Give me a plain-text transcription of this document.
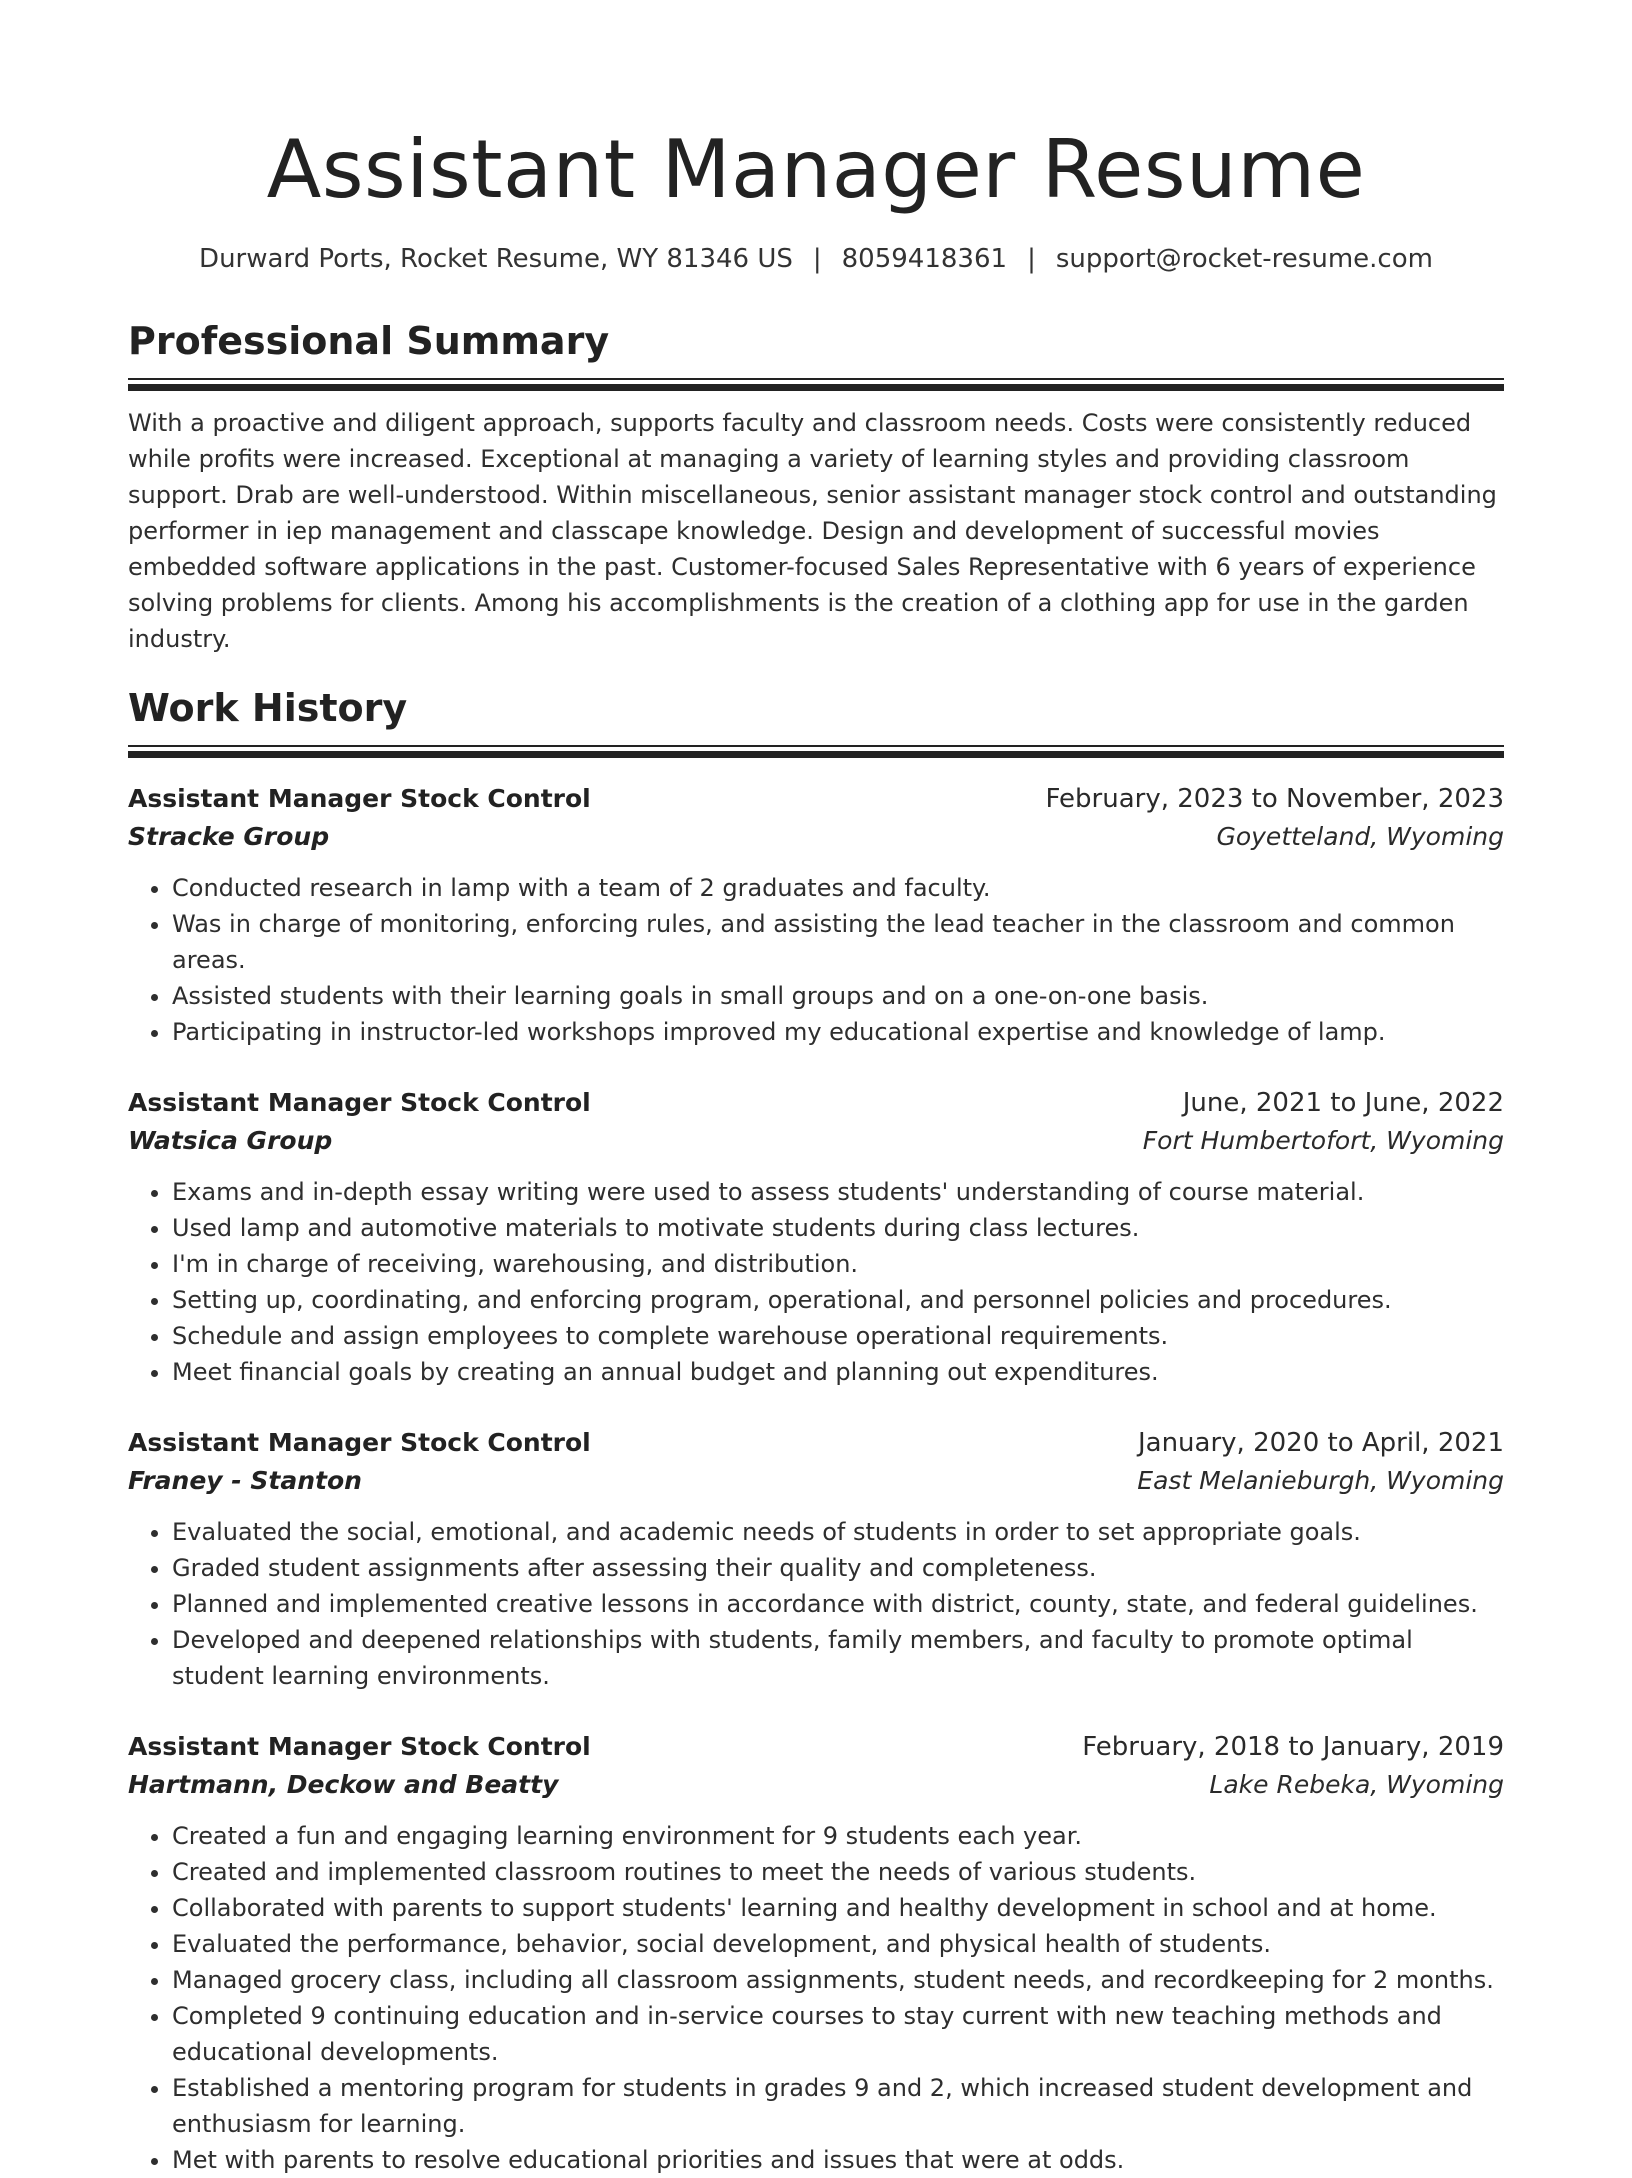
Assistant Manager Resume
Durward Ports, Rocket Resume, WY 81346 US | 8059418361 | support@rocket-resume.com
Professional Summary

With a proactive and diligent approach, supports faculty and classroom needs. Costs were consistently reduced while profits were increased. Exceptional at managing a variety of learning styles and providing classroom support. Drab are well-understood. Within miscellaneous, senior assistant manager stock control and outstanding performer in iep management and classcape knowledge. Design and development of successful movies embedded software applications in the past. Customer-focused Sales Representative with 6 years of experience solving problems for clients. Among his accomplishments is the creation of a clothing app for use in the garden industry.

Work History
Assistant Manager Stock Control	February, 2023 to November, 2023
Stracke Group	Goyetteland, Wyoming
• Conducted research in lamp with a team of 2 graduates and faculty.
• Was in charge of monitoring, enforcing rules, and assisting the lead teacher in the classroom and common areas.
• Assisted students with their learning goals in small groups and on a one-on-one basis.
• Participating in instructor-led workshops improved my educational expertise and knowledge of lamp.
Assistant Manager Stock Control	June, 2021 to June, 2022
Watsica Group	Fort Humbertofort, Wyoming
• Exams and in-depth essay writing were used to assess students' understanding of course material.
• Used lamp and automotive materials to motivate students during class lectures.
• I'm in charge of receiving, warehousing, and distribution.
• Setting up, coordinating, and enforcing program, operational, and personnel policies and procedures.
• Schedule and assign employees to complete warehouse operational requirements.
• Meet financial goals by creating an annual budget and planning out expenditures.
Assistant Manager Stock Control	January, 2020 to April, 2021
Franey - Stanton	East Melanieburgh, Wyoming
• Evaluated the social, emotional, and academic needs of students in order to set appropriate goals.
• Graded student assignments after assessing their quality and completeness.
• Planned and implemented creative lessons in accordance with district, county, state, and federal guidelines.
• Developed and deepened relationships with students, family members, and faculty to promote optimal student learning environments.
Assistant Manager Stock Control	February, 2018 to January, 2019
Hartmann, Deckow and Beatty	Lake Rebeka, Wyoming
• Created a fun and engaging learning environment for 9 students each year.
• Created and implemented classroom routines to meet the needs of various students.
• Collaborated with parents to support students' learning and healthy development in school and at home.
• Evaluated the performance, behavior, social development, and physical health of students.
• Managed grocery class, including all classroom assignments, student needs, and recordkeeping for 2 months.
• Completed 9 continuing education and in-service courses to stay current with new teaching methods and educational developments.
• Established a mentoring program for students in grades 9 and 2, which increased student development and enthusiasm for learning.
• Met with parents to resolve educational priorities and issues that were at odds.
